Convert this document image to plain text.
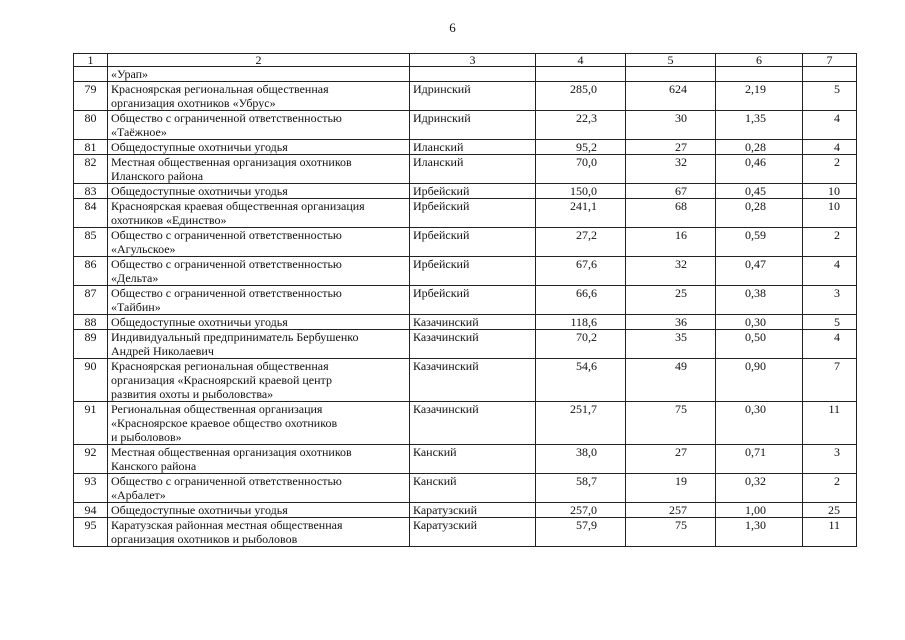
6
1	2	3	4	5	6	7

	«Урап»					

79	Красноярская региональная общественная
организация охотников «Убрус»	Идринский	285,0	624	2,19	5
80	Общество с ограниченной ответственностью
«Таёжное»	Идринский	22,3	30	1,35	4
81	Общедоступные охотничьи угодья	Иланский	95,2	27	0,28	4
82	Местная общественная организация охотников
Иланского района	Иланский	70,0	32	0,46	2
83	Общедоступные охотничьи угодья	Ирбейский	150,0	67	0,45	10
84	Красноярская краевая общественная организация
охотников «Единство»	Ирбейский	241,1	68	0,28	10
85	Общество с ограниченной ответственностью
«Агульское»	Ирбейский	27,2	16	0,59	2
86	Общество с ограниченной ответственностью
«Дельта»	Ирбейский	67,6	32	0,47	4
87	Общество с ограниченной ответственностью
«Тайбин»	Ирбейский	66,6	25	0,38	3
88	Общедоступные охотничьи угодья	Казачинский	118,6	36	0,30	5
89	Индивидуальный предприниматель Бербушенко
Андрей Николаевич	Казачинский	70,2	35	0,50	4
90	Красноярская региональная общественная
организация «Красноярский краевой центр
развития охоты и рыболовства»	Казачинский	54,6	49	0,90	7
91	Региональная общественная организация
«Красноярское краевое общество охотников
и рыболовов»	Казачинский	251,7	75	0,30	11
92	Местная общественная организация охотников
Канского района	Канский	38,0	27	0,71	3
93	Общество с ограниченной ответственностью
«Арбалет»	Канский	58,7	19	0,32	2
94	Общедоступные охотничьи угодья	Каратузский	257,0	257	1,00	25
95	Каратузская районная местная общественная
организация охотников и рыболовов	Каратузский	57,9	75	1,30	11
